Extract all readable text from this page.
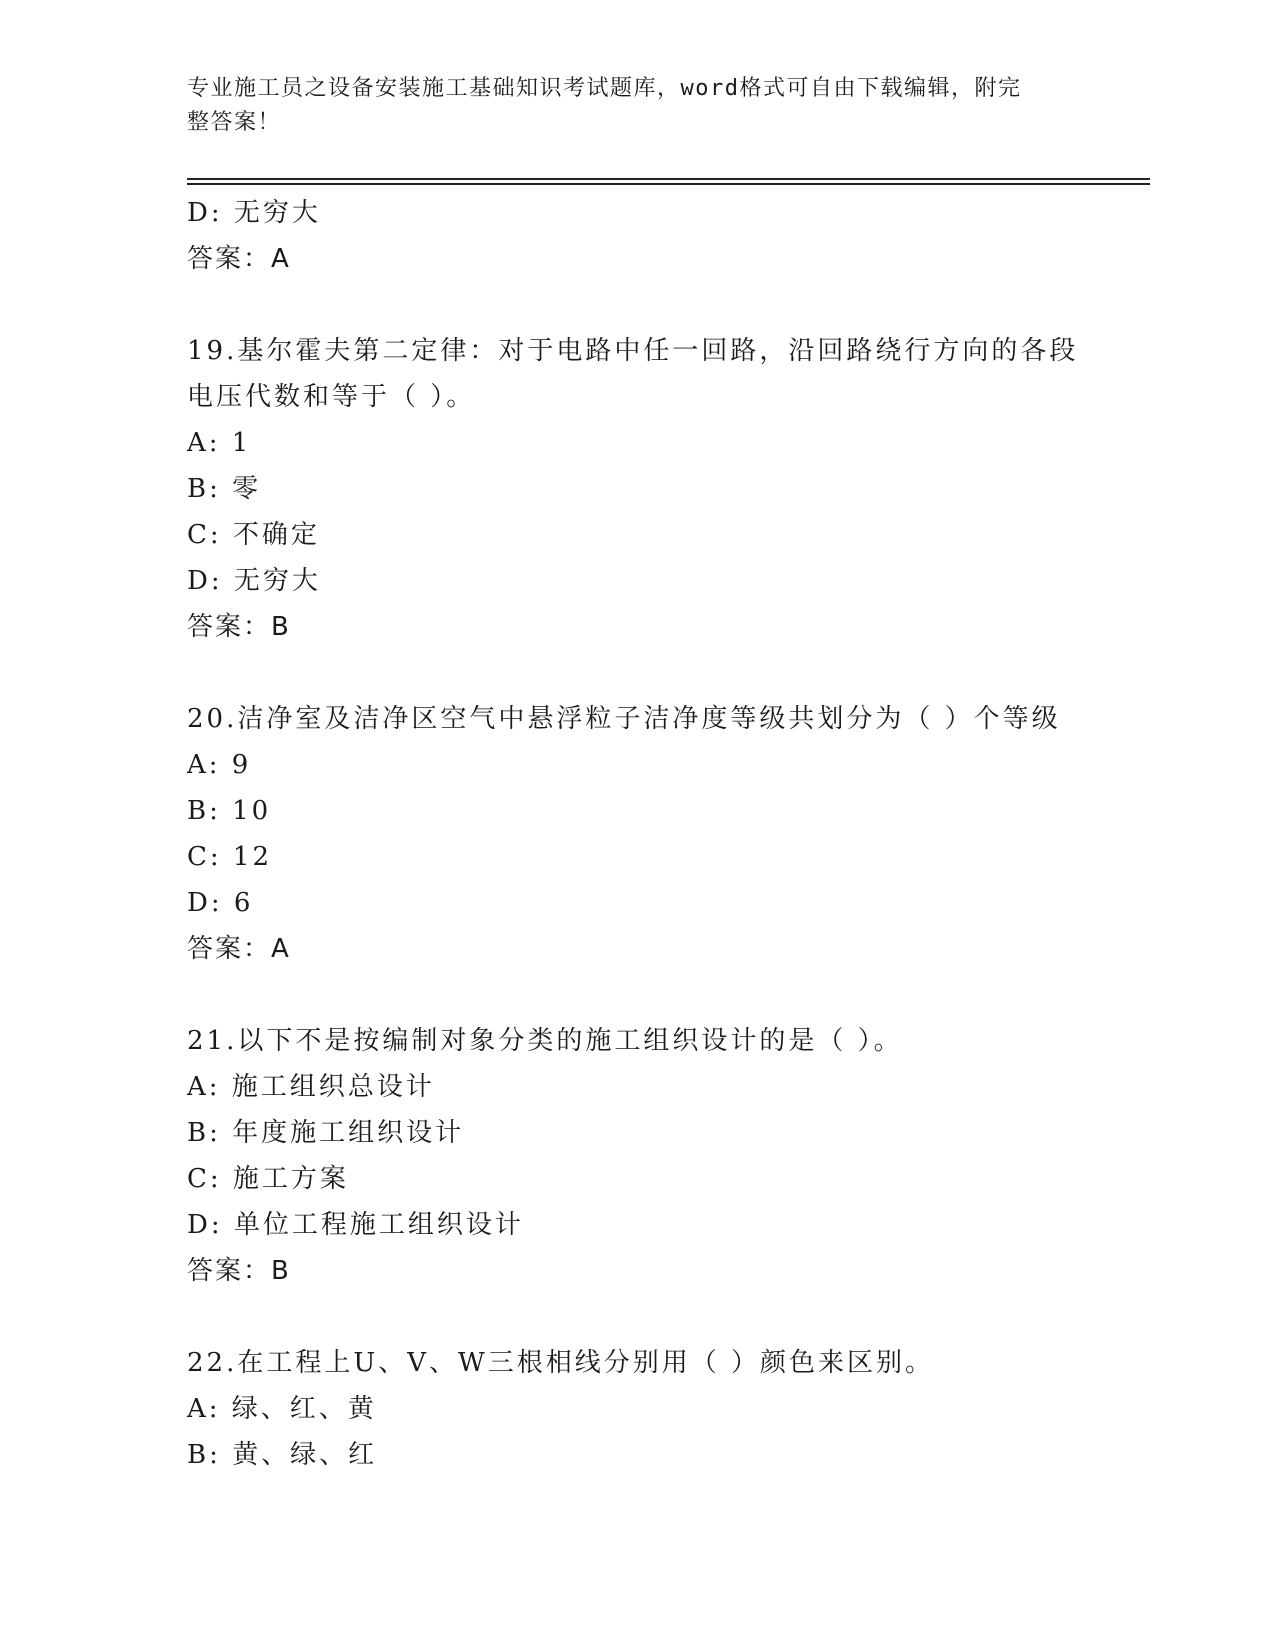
专业施工员之设备安装施工基础知识考试题库，word格式可自由下载编辑，附完
整答案！
D: 无穷大
答案：A
19.基尔霍夫第二定律：对于电路中任一回路，沿回路绕行方向的各段
电压代数和等于（ ）。
A: 1
B: 零
C: 不确定
D: 无穷大
答案：B
20.洁净室及洁净区空气中悬浮粒子洁净度等级共划分为（ ）个等级
A: 9
B: 10
C: 12
D: 6
答案：A
21.以下不是按编制对象分类的施工组织设计的是（ ）。
A: 施工组织总设计
B: 年度施工组织设计
C: 施工方案
D: 单位工程施工组织设计
答案：B
22.在工程上U、V、W三根相线分别用（ ）颜色来区别。
A: 绿、红、黄
B: 黄、绿、红
